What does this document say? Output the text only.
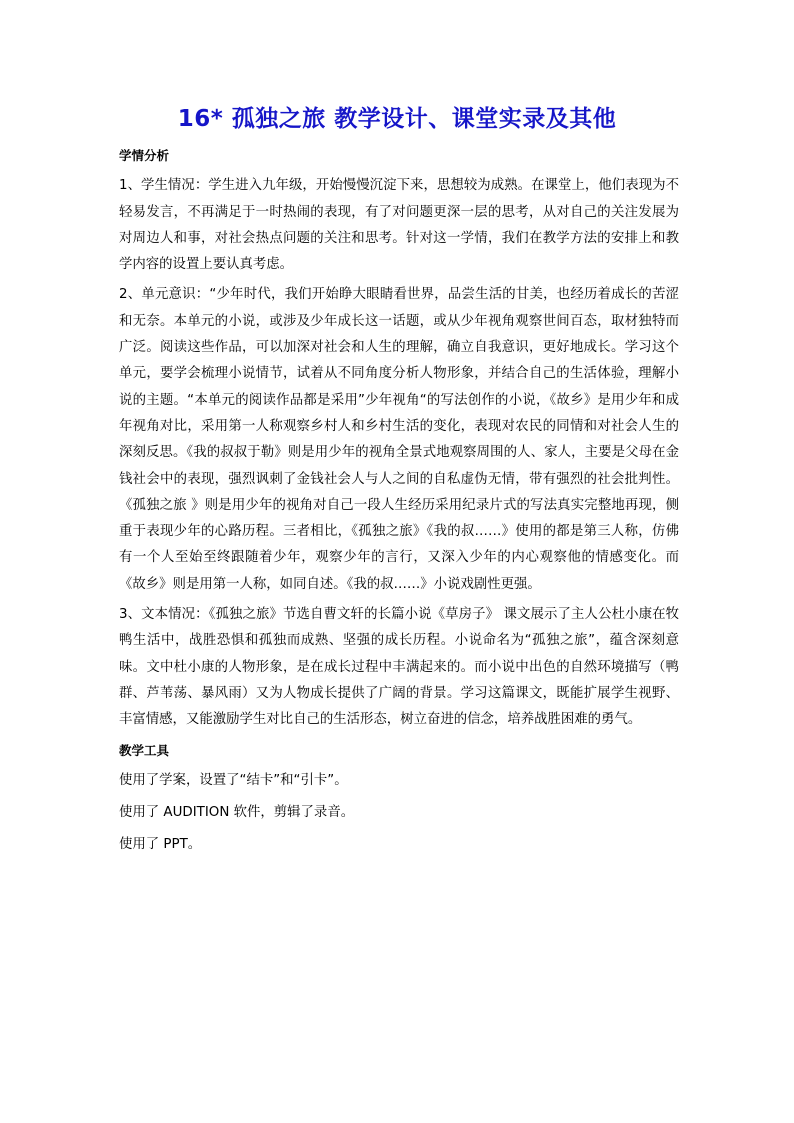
16* 孤独之旅 教学设计、课堂实录及其他
学情分析

1、学生情况：学生进入九年级，开始慢慢沉淀下来，思想较为成熟。在课堂上，他们表现为不轻易发言，不再满足于一时热闹的表现，有了对问题更深一层的思考，从对自己的关注发展为对周边人和事，对社会热点问题的关注和思考。针对这一学情，我们在教学方法的安排上和教学内容的设置上要认真考虑。

2、单元意识：“少年时代，我们开始睁大眼睛看世界，品尝生活的甘美，也经历着成长的苦涩和无奈。本单元的小说，或涉及少年成长这一话题，或从少年视角观察世间百态，取材独特而广泛。阅读这些作品，可以加深对社会和人生的理解，确立自我意识，更好地成长。学习这个单元，要学会梳理小说情节，试着从不同角度分析人物形象，并结合自己的生活体验，理解小说的主题。“本单元的阅读作品都是采用”少年视角“的写法创作的小说，《故乡》是用少年和成年视角对比，采用第一人称观察乡村人和乡村生活的变化，表现对农民的同情和对社会人生的深刻反思。《我的叔叔于勒》则是用少年的视角全景式地观察周围的人、家人，主要是父母在金钱社会中的表现，强烈讽刺了金钱社会人与人之间的自私虚伪无情，带有强烈的社会批判性。《孤独之旅 》则是用少年的视角对自己一段人生经历采用纪录片式的写法真实完整地再现，侧重于表现少年的心路历程。三者相比，《孤独之旅》《我的叔……》使用的都是第三人称，仿佛有一个人至始至终跟随着少年，观察少年的言行，又深入少年的内心观察他的情感变化。而《故乡》则是用第一人称，如同自述。《我的叔……》小说戏剧性更强。

3、文本情况：《孤独之旅》节选自曹文轩的长篇小说《草房子》 课文展示了主人公杜小康在牧鸭生活中，战胜恐惧和孤独而成熟、坚强的成长历程。小说命名为“孤独之旅”，蕴含深刻意味。文中杜小康的人物形象，是在成长过程中丰满起来的。而小说中出色的自然环境描写（鸭群、芦苇荡、暴风雨）又为人物成长提供了广阔的背景。学习这篇课文，既能扩展学生视野、丰富情感，又能激励学生对比自己的生活形态，树立奋进的信念，培养战胜困难的勇气。

教学工具
使用了学案，设置了“结卡”和“引卡”。
使用了 AUDITION 软件，剪辑了录音。
使用了 PPT。
